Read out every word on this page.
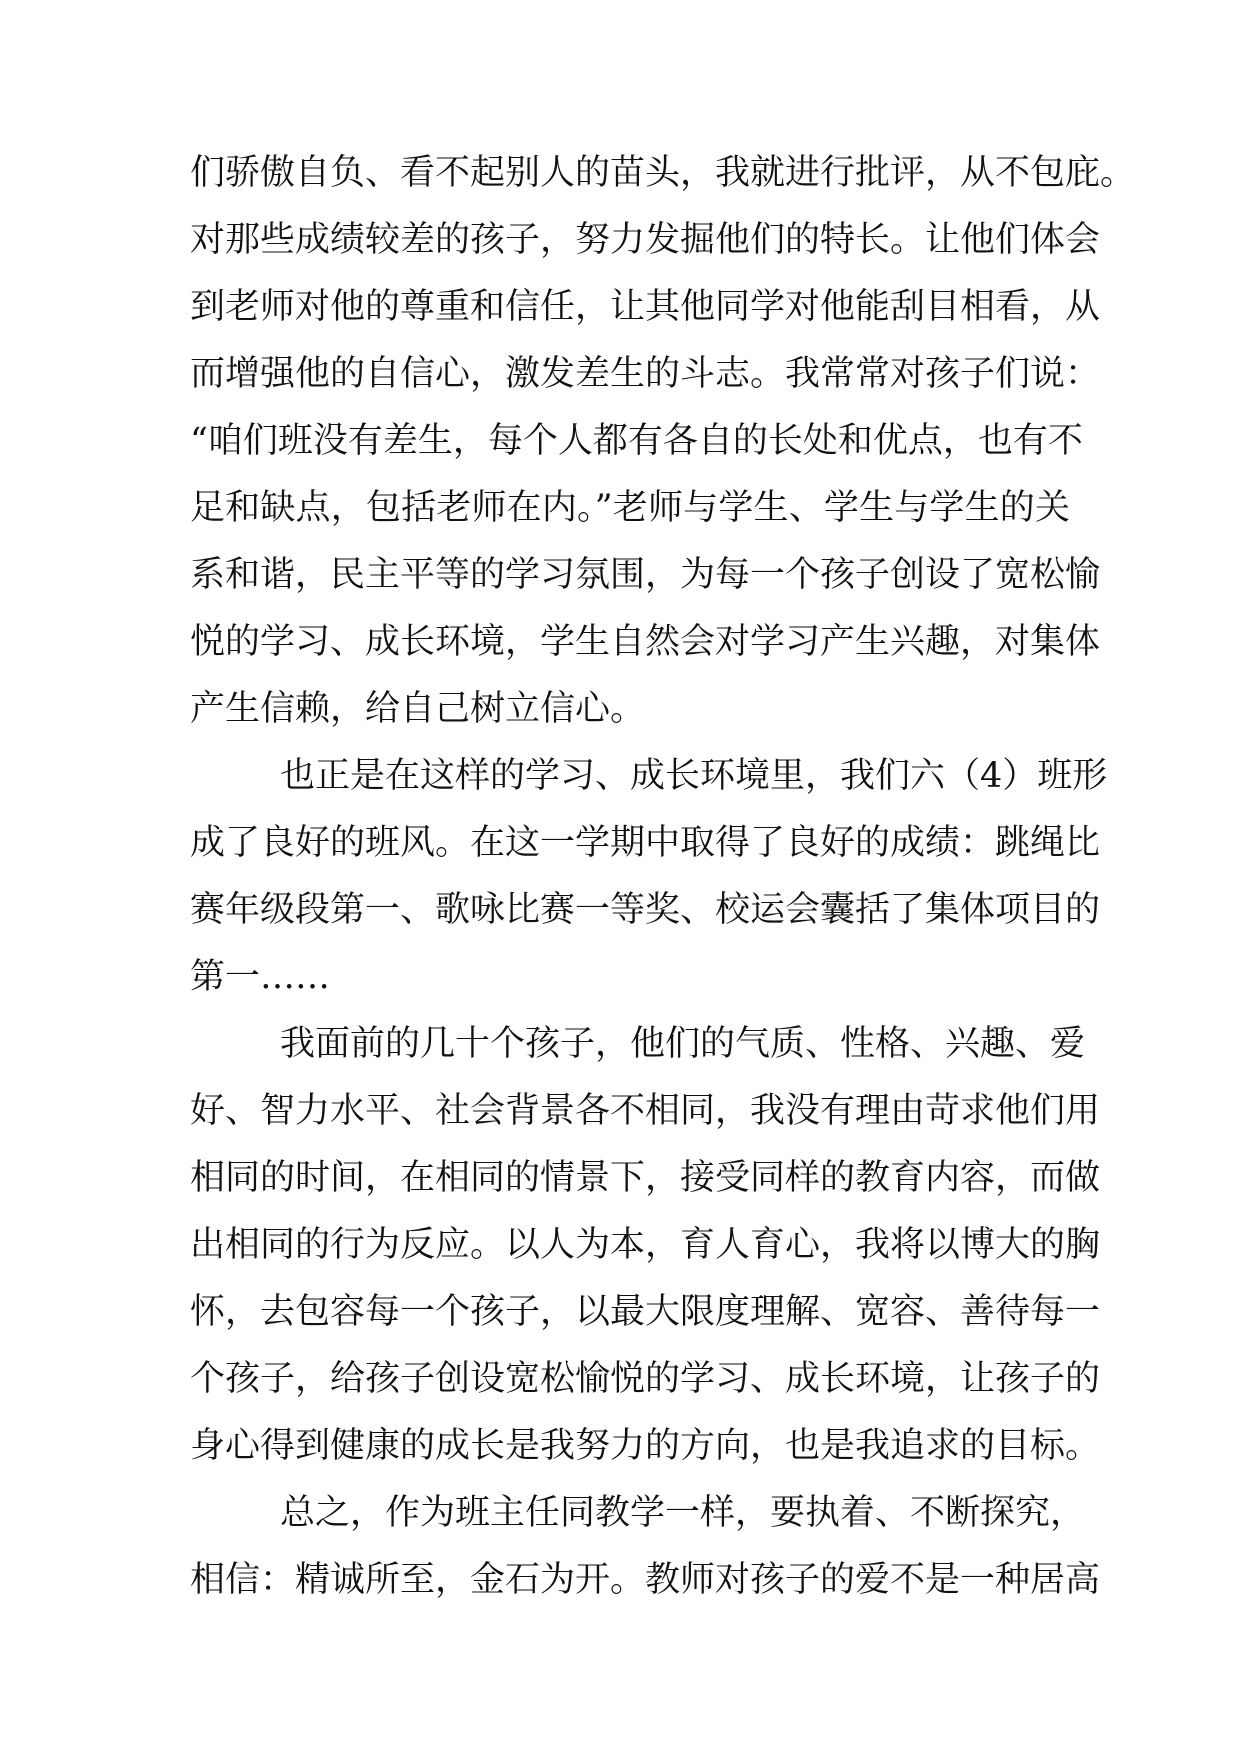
们骄傲自负、看不起别人的苗头，我就进行批评，从不包庇。
对那些成绩较差的孩子，努力发掘他们的特长。让他们体会
到老师对他的尊重和信任，让其他同学对他能刮目相看，从
而增强他的自信心，激发差生的斗志。我常常对孩子们说：
“咱们班没有差生，每个人都有各自的长处和优点，也有不
足和缺点，包括老师在内。”老师与学生、学生与学生的关
系和谐，民主平等的学习氛围，为每一个孩子创设了宽松愉
悦的学习、成长环境，学生自然会对学习产生兴趣，对集体
产生信赖，给自己树立信心。
也正是在这样的学习、成长环境里，我们六（4）班形
成了良好的班风。在这一学期中取得了良好的成绩：跳绳比
赛年级段第一、歌咏比赛一等奖、校运会囊括了集体项目的
第一……
我面前的几十个孩子，他们的气质、性格、兴趣、爱
好、智力水平、社会背景各不相同，我没有理由苛求他们用
相同的时间，在相同的情景下，接受同样的教育内容，而做
出相同的行为反应。以人为本，育人育心，我将以博大的胸
怀，去包容每一个孩子，以最大限度理解、宽容、善待每一
个孩子，给孩子创设宽松愉悦的学习、成长环境，让孩子的
身心得到健康的成长是我努力的方向，也是我追求的目标。
总之，作为班主任同教学一样，要执着、不断探究，
相信：精诚所至，金石为开。教师对孩子的爱不是一种居高
